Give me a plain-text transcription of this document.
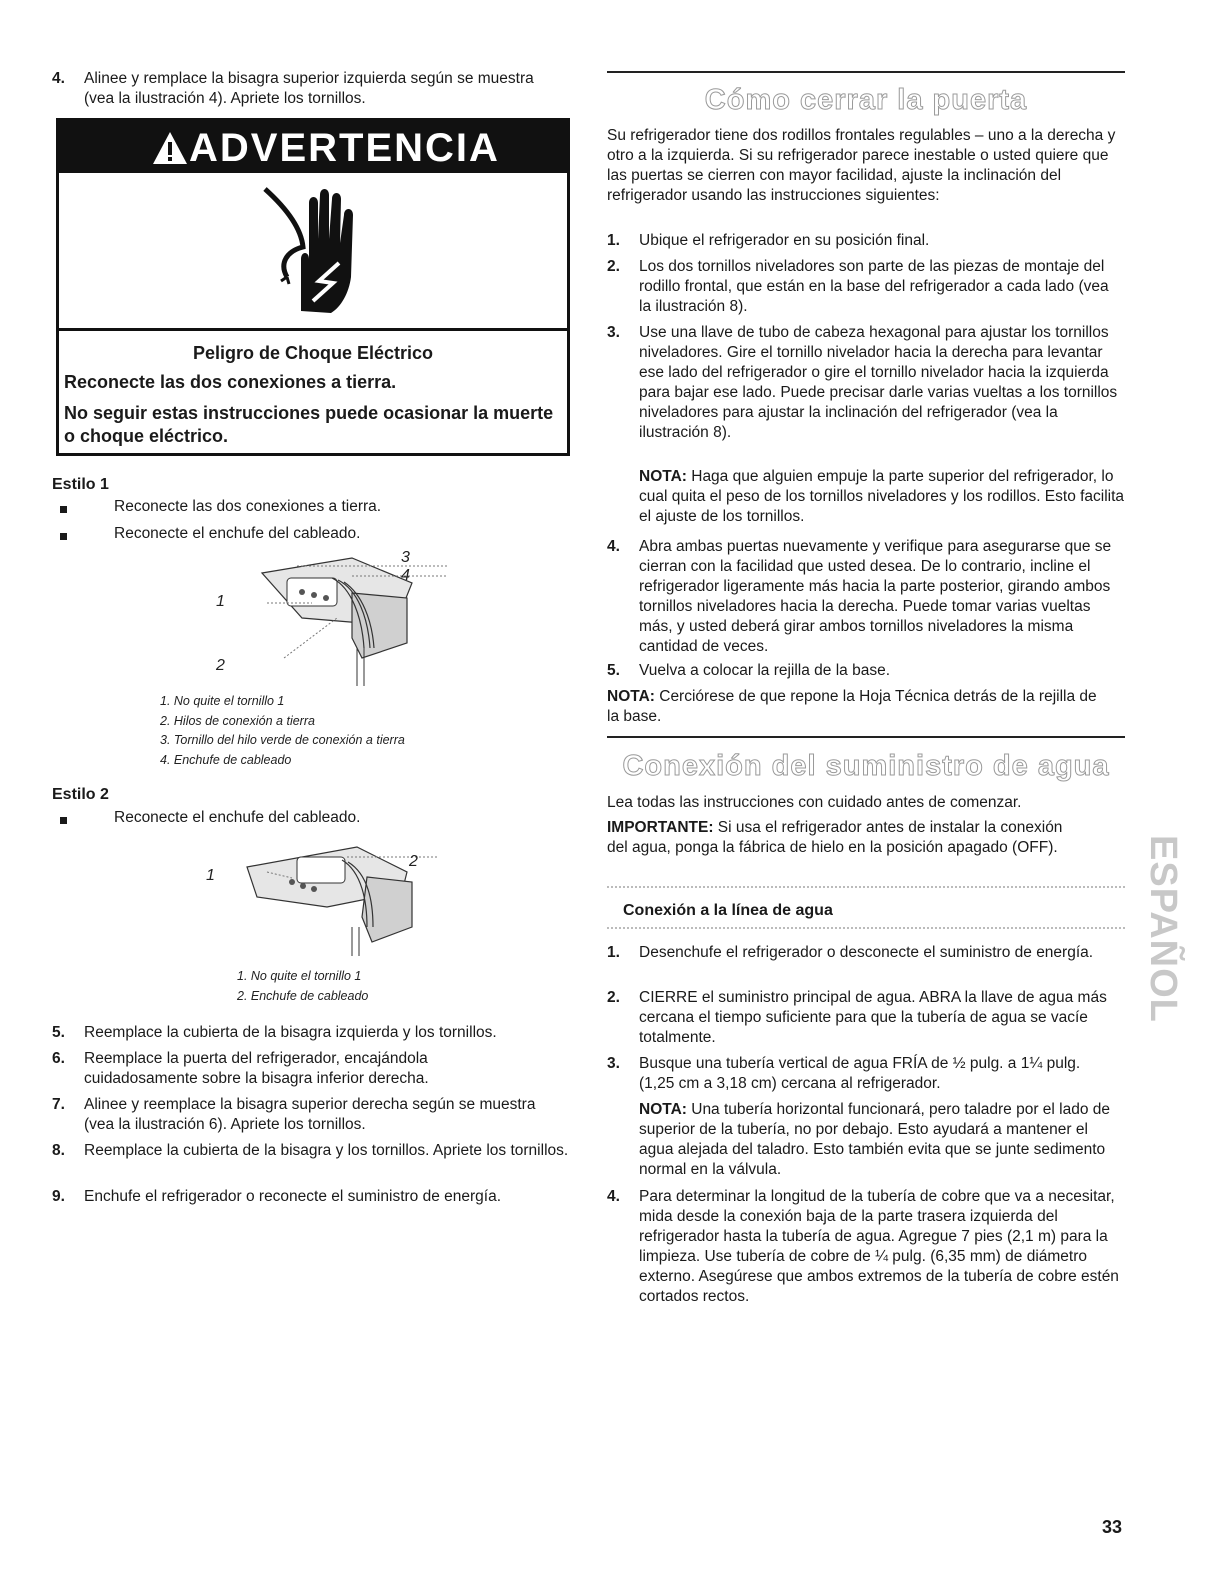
4. Alinee y remplace la bisagra superior izquierda según se muestra (vea la ilustración 4). Apriete los tornillos.
ADVERTENCIA
Peligro de Choque Eléctrico
Reconecte las dos conexiones a tierra.
No seguir estas instrucciones puede ocasionar la muerte o choque eléctrico.
Estilo 1
Reconecte las dos conexiones a tierra.
Reconecte el enchufe del cableado.
3
4
1
2
1. No quite el tornillo 1
2. Hilos de conexión a tierra
3. Tornillo del hilo verde de conexión a tierra
4. Enchufe de cableado
Estilo 2
Reconecte el enchufe del cableado.
2
1
1. No quite el tornillo 1
2. Enchufe de cableado
5. Reemplace la cubierta de la bisagra izquierda y los tornillos.
6. Reemplace la puerta del refrigerador, encajándola cuidadosamente sobre la bisagra inferior derecha.
7. Alinee y reemplace la bisagra superior derecha según se muestra (vea la ilustración 6). Apriete los tornillos.
8. Reemplace la cubierta de la bisagra y los tornillos. Apriete los tornillos.
9. Enchufe el refrigerador o reconecte el suministro de energía.
Cómo cerrar la puerta

Su refrigerador tiene dos rodillos frontales regulables – uno a la derecha y otro a la izquierda. Si su refrigerador parece inestable o usted quiere que las puertas se cierren con mayor facilidad, ajuste la inclinación del refrigerador usando las instrucciones siguientes:

1. Ubique el refrigerador en su posición final.
2. Los dos tornillos niveladores son parte de las piezas de montaje del rodillo frontal, que están en la base del refrigerador a cada lado (vea la ilustración 8).
3. Use una llave de tubo de cabeza hexagonal para ajustar los tornillos niveladores. Gire el tornillo nivelador hacia la derecha para levantar ese lado del refrigerador o gire el tornillo nivelador hacia la izquierda para bajar ese lado. Puede precisar darle varias vueltas a los tornillos niveladores para ajustar la inclinación del refrigerador (vea la ilustración 8).

NOTA: Haga que alguien empuje la parte superior del refrigerador, lo cual quita el peso de los tornillos niveladores y los rodillos. Esto facilita el ajuste de los tornillos.

4. Abra ambas puertas nuevamente y verifique para asegurarse que se cierran con la facilidad que usted desea. De lo contrario, incline el refrigerador ligeramente más hacia la parte posterior, girando ambos tornillos niveladores hacia la derecha. Puede tomar varias vueltas más, y usted deberá girar ambos tornillos niveladores la misma cantidad de veces.
5. Vuelva a colocar la rejilla de la base.

NOTA: Cerciórese de que repone la Hoja Técnica detrás de la rejilla de la base.

Conexión del suministro de agua

Lea todas las instrucciones con cuidado antes de comenzar.

IMPORTANTE: Si usa el refrigerador antes de instalar la conexión del agua, ponga la fábrica de hielo en la posición apagado (OFF).

Conexión a la línea de agua
1. Desenchufe el refrigerador o desconecte el suministro de energía.
2. CIERRE el suministro principal de agua. ABRA la llave de agua más cercana el tiempo suficiente para que la tubería de agua se vacíe totalmente.
3. Busque una tubería vertical de agua FRÍA de ½ pulg. a 1¼ pulg. (1,25 cm a 3,18 cm) cercana al refrigerador.

NOTA: Una tubería horizontal funcionará, pero taladre por el lado de superior de la tubería, no por debajo. Esto ayudará a mantener el agua alejada del taladro. Esto también evita que se junte sedimento normal en la válvula.

4. Para determinar la longitud de la tubería de cobre que va a necesitar, mida desde la conexión baja de la parte trasera izquierda del refrigerador hasta la tubería de agua. Agregue 7 pies (2,1 m) para la limpieza. Use tubería de cobre de ¼ pulg. (6,35 mm) de diámetro externo. Asegúrese que ambos extremos de la tubería de cobre estén cortados rectos.
ESPAÑOL
33
